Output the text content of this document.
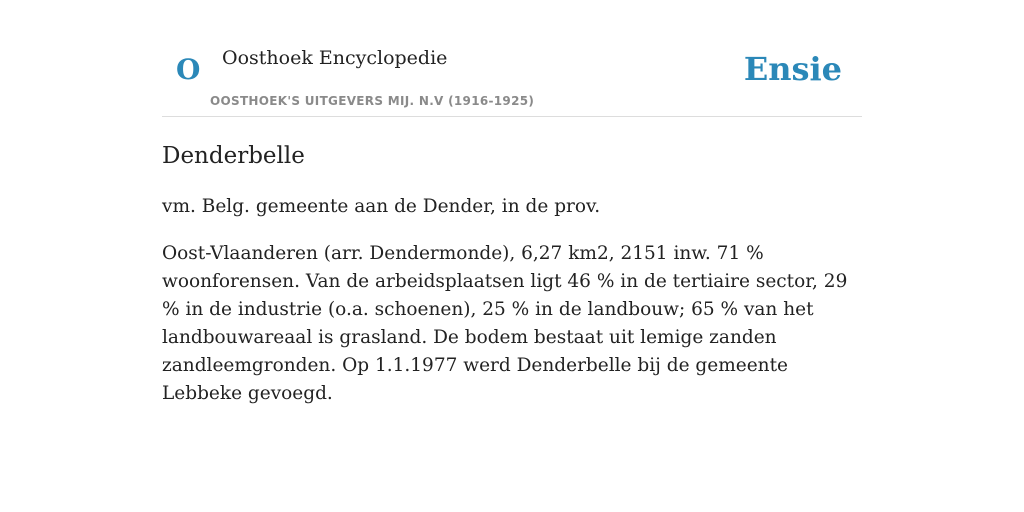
O Oosthoek Encyclopedie
OOSTHOEK'S UITGEVERS MIJ. N.V (1916-1925)
Ensie
Denderbelle

vm. Belg. gemeente aan de Dender, in de prov.

Oost-Vlaanderen (arr. Dendermonde), 6,27 km2, 2151 inw. 71 % woonforensen. Van de arbeidsplaatsen ligt 46 % in de tertiaire sector, 29 % in de industrie (o.a. schoenen), 25 % in de landbouw; 65 % van het landbouwareaal is grasland. De bodem bestaat uit lemige zanden zandleemgronden. Op 1.1.1977 werd Denderbelle bij de gemeente Lebbeke gevoegd.
